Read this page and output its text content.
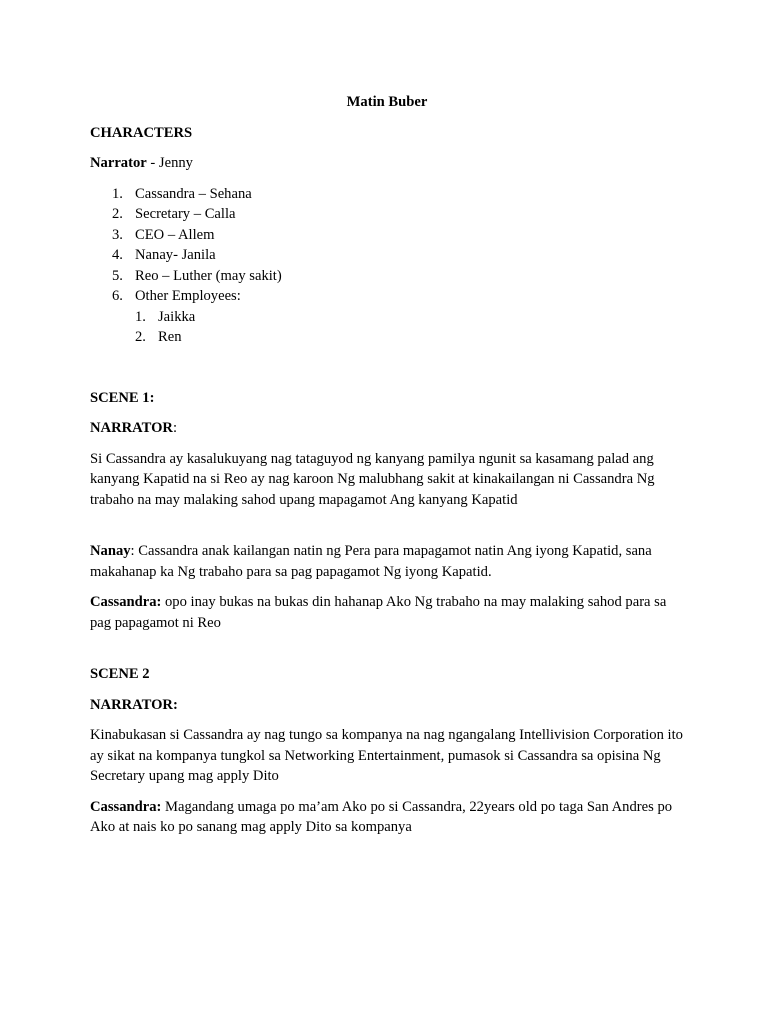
Matin Buber

CHARACTERS

Narrator - Jenny

1. Cassandra – Sehana
2. Secretary – Calla
3. CEO – Allem
4. Nanay- Janila
5. Reo – Luther (may sakit)
6. Other Employees:
1. Jaikka
2. Ren

SCENE 1:

NARRATOR:

Si Cassandra ay kasalukuyang nag tataguyod ng kanyang pamilya ngunit sa kasamang palad ang kanyang Kapatid na si Reo ay nag karoon Ng malubhang sakit at kinakailangan ni Cassandra Ng trabaho na may malaking sahod upang mapagamot Ang kanyang Kapatid

Nanay: Cassandra anak kailangan natin ng Pera para mapagamot natin Ang iyong Kapatid, sana makahanap ka Ng trabaho para sa pag papagamot Ng iyong Kapatid.

Cassandra: opo inay bukas na bukas din hahanap Ako Ng trabaho na may malaking sahod para sa pag papagamot ni Reo

SCENE 2

NARRATOR:

Kinabukasan si Cassandra ay nag tungo sa kompanya na nag ngangalang Intellivision Corporation ito ay sikat na kompanya tungkol sa Networking Entertainment, pumasok si Cassandra sa opisina Ng Secretary upang mag apply Dito

Cassandra: Magandang umaga po ma’am Ako po si Cassandra, 22years old po taga San Andres po Ako at nais ko po sanang mag apply Dito sa kompanya
